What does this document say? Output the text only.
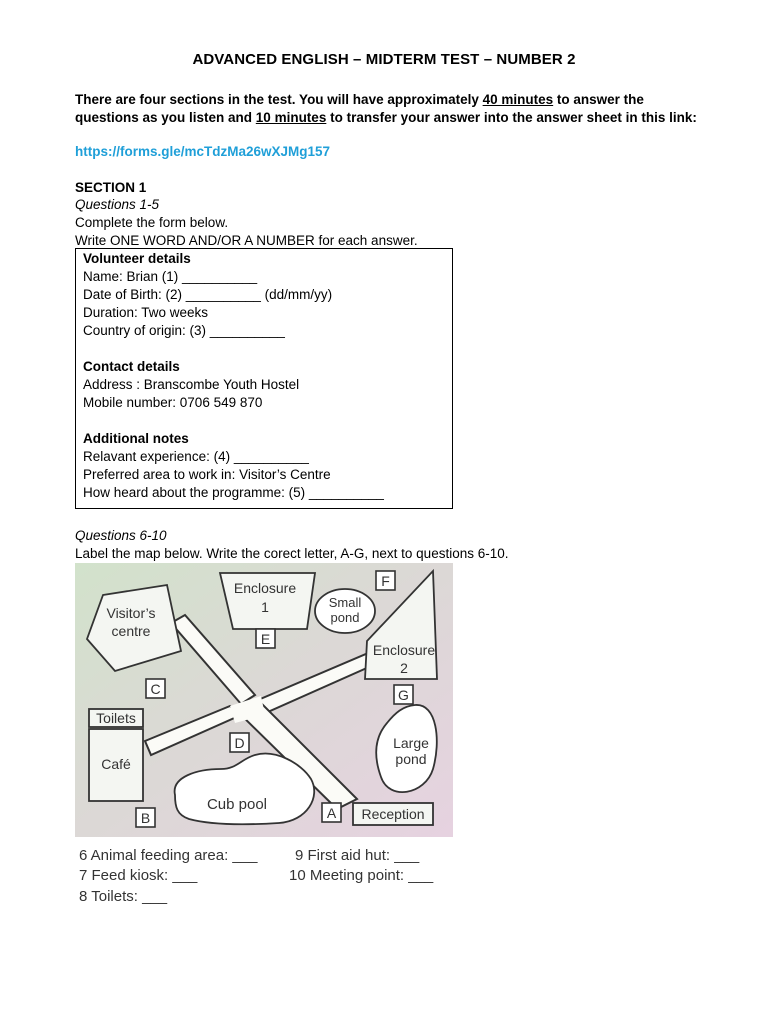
ADVANCED ENGLISH – MIDTERM TEST – NUMBER 2
There are four sections in the test. You will have approximately 40 minutes to answer the
questions as you listen and 10 minutes to transfer your answer into the answer sheet in this link:
https://forms.gle/mcTdzMa26wXJMg157
SECTION 1
Questions 1-5
Complete the form below.
Write ONE WORD AND/OR A NUMBER for each answer.
Volunteer details
Name: Brian (1) __________
Date of Birth: (2) __________ (dd/mm/yy)
Duration: Two weeks
Country of origin: (3) __________
Contact details
Address : Branscombe Youth Hostel
Mobile number: 0706 549 870
Additional notes
Relavant experience: (4) __________
Preferred area to work in: Visitor’s Centre
How heard about the programme: (5) __________
Questions 6-10
Label the map below. Write the corect letter, A-G, next to questions 6-10.
Visitor’s
centre
Enclosure
1	Small
pond
Enclosure
2
Toilets
Café
Large
pond
Cub pool
Reception
A
B
C
D
E
F
G
6 Animal feeding area: ___
7 Feed kiosk: ___
8 Toilets: ___
9 First aid hut: ___
10 Meeting point: ___
